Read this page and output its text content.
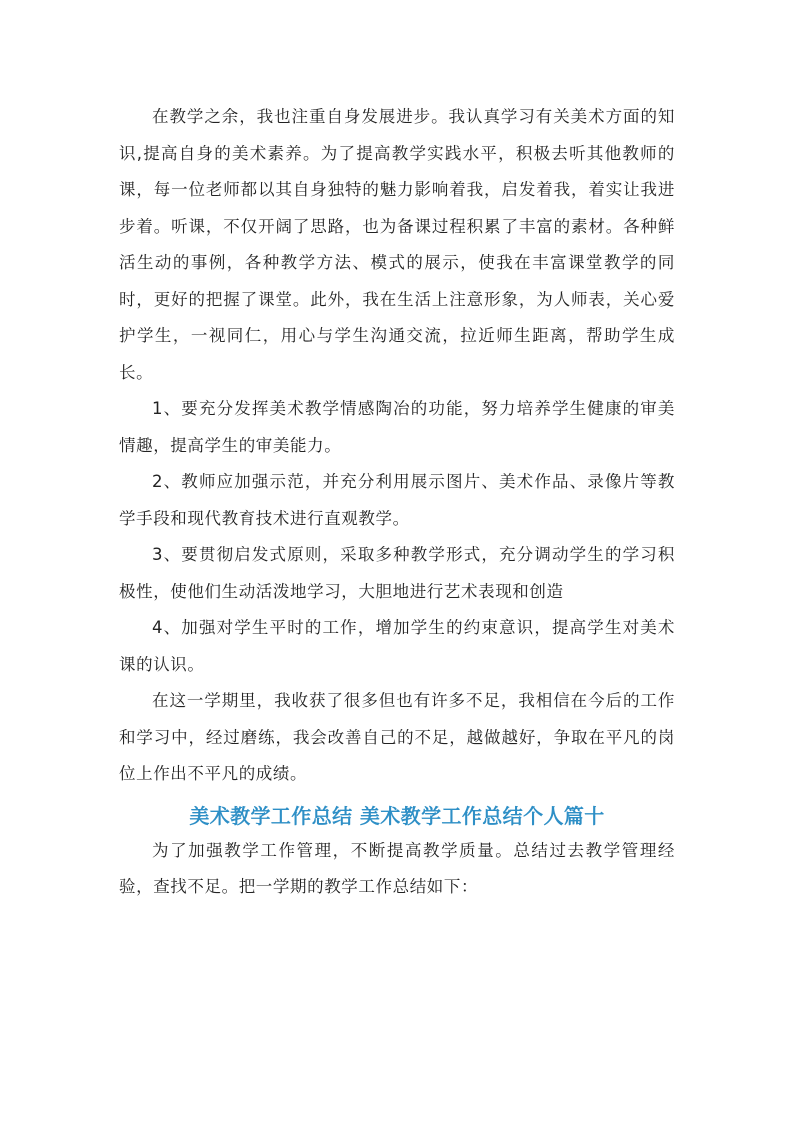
在教学之余，我也注重自身发展进步。我认真学习有关美术方面的知识,提高自身的美术素养。为了提高教学实践水平，积极去听其他教师的课，每一位老师都以其自身独特的魅力影响着我，启发着我，着实让我进步着。听课，不仅开阔了思路，也为备课过程积累了丰富的素材。各种鲜活生动的事例，各种教学方法、模式的展示，使我在丰富课堂教学的同时，更好的把握了课堂。此外，我在生活上注意形象，为人师表，关心爱护学生，一视同仁，用心与学生沟通交流，拉近师生距离，帮助学生成长。

1、要充分发挥美术教学情感陶冶的功能，努力培养学生健康的审美情趣，提高学生的审美能力。

2、教师应加强示范，并充分利用展示图片、美术作品、录像片等教学手段和现代教育技术进行直观教学。

3、要贯彻启发式原则，采取多种教学形式，充分调动学生的学习积极性，使他们生动活泼地学习，大胆地进行艺术表现和创造

4、加强对学生平时的工作，增加学生的约束意识，提高学生对美术课的认识。

在这一学期里，我收获了很多但也有许多不足，我相信在今后的工作和学习中，经过磨练，我会改善自己的不足，越做越好，争取在平凡的岗位上作出不平凡的成绩。

美术教学工作总结 美术教学工作总结个人篇十

为了加强教学工作管理，不断提高教学质量。总结过去教学管理经验，查找不足。把一学期的教学工作总结如下：
